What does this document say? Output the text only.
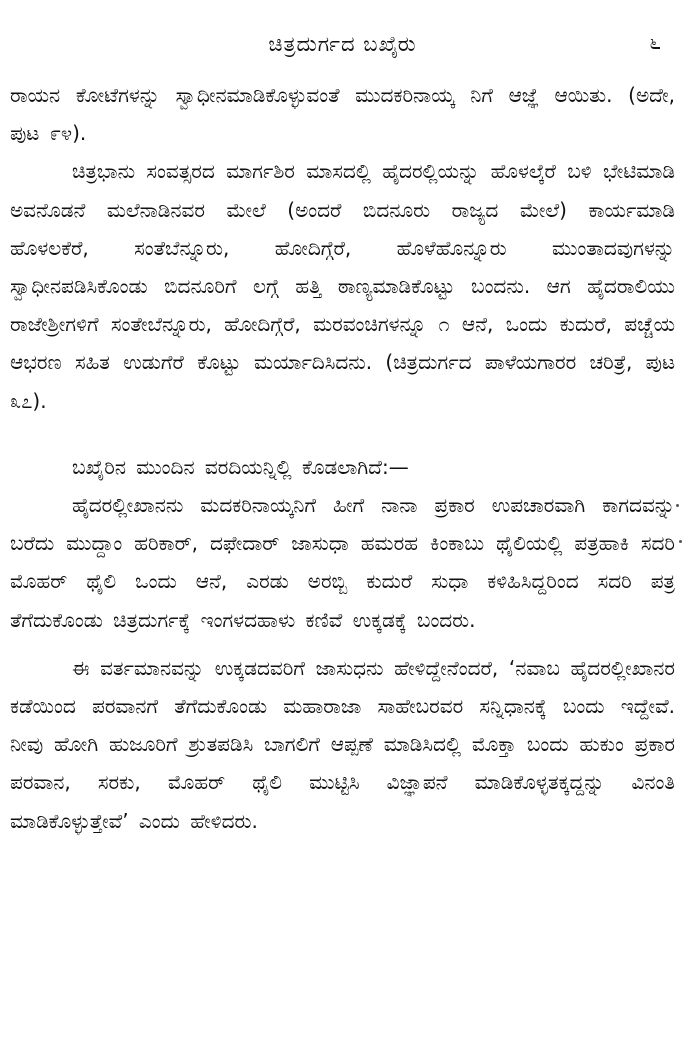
ಚಿತ್ರದುರ್ಗದ ಬಖೈರು	೬

ರಾಯನ ಕೋಟೆಗಳನ್ನು ಸ್ವಾಧೀನಮಾಡಿಕೊಳ್ಳುವಂತೆ ಮುದಕರಿನಾಯ್ಕ ನಿಗೆ ಆಜ್ಞೆ ಆಯಿತು. (ಅದೇ, ಪುಟ ೯೪).

ಚಿತ್ರಭಾನು ಸಂವತ್ಸರದ ಮಾರ್ಗಶಿರ ಮಾಸದಲ್ಲಿ ಹೈದರಲ್ಲಿಯನ್ನು ಹೊಳಲ್ಕೆರೆ ಬಳಿ ಭೇಟಿಮಾಡಿ ಅವನೊಡನೆ ಮಲೆನಾಡಿನವರ ಮೇಲೆ (ಅಂದರೆ ಬಿದನೂರು ರಾಜ್ಯದ ಮೇಲೆ) ಕಾರ್ಯಮಾಡಿ ಹೊಳಲಕೆರೆ, ಸಂತೆಬೆನ್ನೂರು, ಹೋದಿಗ್ಗೆರೆ, ಹೊಳೆಹೊನ್ನೂರು ಮುಂತಾದವುಗಳನ್ನು ಸ್ವಾಧೀನಪಡಿಸಿಕೊಂಡು ಬಿದನೂರಿಗೆ ಲಗ್ಗೆ ಹತ್ತಿ ಠಾಣ್ಯಮಾಡಿಕೊಟ್ಟು ಬಂದನು. ಆಗ ಹೈದರಾಲಿಯು ರಾಜೇಶ್ರೀಗಳಿಗೆ ಸಂತೇಬೆನ್ನೂರು, ಹೋದಿಗ್ಗೆರೆ, ಮರವಂಚಿಗಳನ್ನೂ ೧ ಆನೆ, ಒಂದು ಕುದುರೆ, ಪಚ್ಚೆಯ ಆಭರಣ ಸಹಿತ ಉಡುಗೆರೆ ಕೊಟ್ಟು ಮರ್ಯಾದಿಸಿದನು. (ಚಿತ್ರದುರ್ಗದ ಪಾಳೆಯಗಾರರ ಚರಿತ್ರೆ, ಪುಟ ೩೭).

ಬಖೈರಿನ ಮುಂದಿನ ವರದಿಯನ್ನಿಲ್ಲಿ ಕೊಡಲಾಗಿದೆ:—

ಹೈದರಲ್ಲೀಖಾನನು ಮದಕರಿನಾಯ್ಕನಿಗೆ ಹೀಗೆ ನಾನಾ ಪ್ರಕಾರ ಉಪಚಾರವಾಗಿ ಕಾಗದವನ್ನು ಬರೆದು ಮುದ್ದಾಂ ಹರಿಕಾರ್, ದಫೇದಾರ್ ಜಾಸುಧಾ ಹಮರಹ ಕಿಂಕಾಬು ಥೈಲಿಯಲ್ಲಿ ಪತ್ರಹಾಕಿ ಸದರಿ ಮೊಹರ್ ಥೈಲಿ ಒಂದು ಆನೆ, ಎರಡು ಅರಬ್ಬಿ ಕುದುರೆ ಸುಧಾ ಕಳಿಹಿಸಿದ್ದರಿಂದ ಸದರಿ ಪತ್ರ ತೆಗೆದುಕೊಂಡು ಚಿತ್ರದುರ್ಗಕ್ಕೆ ಇಂಗಳದಹಾಳು ಕಣಿವೆ ಉಕ್ಕಡಕ್ಕೆ ಬಂದರು.

ಈ ವರ್ತಮಾನವನ್ನು ಉಕ್ಕಡದವರಿಗೆ ಜಾಸುಧನು ಹೇಳಿದ್ದೇನೆಂದರೆ, ‘ನವಾಬ ಹೈದರಲ್ಲೀಖಾನರ ಕಡೆಯಿಂದ ಪರವಾನಗೆ ತೆಗೆದುಕೊಂಡು ಮಹಾರಾಜಾ ಸಾಹೇಬರವರ ಸನ್ನಿಧಾನಕ್ಕೆ ಬಂದು ಇದ್ದೇವೆ. ನೀವು ಹೋಗಿ ಹುಜೂರಿಗೆ ಶ್ರುತಪಡಿಸಿ ಬಾಗಲಿಗೆ ಆಪ್ಪಣೆ ಮಾಡಿಸಿದಲ್ಲಿ ಮೊಕ್ತಾ ಬಂದು ಹುಕುಂ ಪ್ರಕಾರ ಪರವಾನ, ಸರಕು, ಮೊಹರ್ ಥೈಲಿ ಮುಟ್ಟಿಸಿ ವಿಜ್ಞಾಪನೆ ಮಾಡಿಕೊಳ್ಳತಕ್ಕದ್ದನ್ನು ವಿನಂತಿ ಮಾಡಿಕೊಳ್ಳುತ್ತೇವೆ’ ಎಂದು ಹೇಳಿದರು.
